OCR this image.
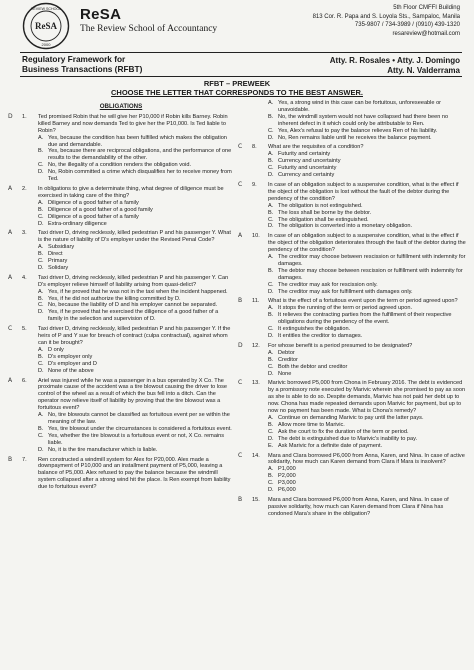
ReSA
2000
REVIEW SCHOOL ReSA
The Review School of Accountancy
5th Floor CMFFI Building
813 Cor. R. Papa and S. Loyola Sts., Sampaloc, Manila
735-9807 / 734-3989 / (0910) 439-1320
resareview@hotmail.com
Regulatory Framework for
Business Transactions (RFBT)
Atty. R. Rosales • Atty. J. Domingo
Atty. N. Valderrama
RFBT – PREWEEK
CHOOSE THE LETTER THAT CORRESPONDS TO THE BEST ANSWER.
OBLIGATIONS
D 1. Ted promised Robin that he will give her P10,000 if Robin kills Barney. Robin killed Barney and now demands Ted to give her the P10,000. Is Ted liable to Robin?
A. Yes, because the condition has been fulfilled which makes the obligation due and demandable.
B. Yes, because there are reciprocal obligations, and the performance of one results to the demandability of the other.
C. No, the illegality of a condition renders the obligation void.
D. No, Robin committed a crime which disqualifies her to receive money from Ted.
A 2. In obligations to give a determinate thing, what degree of diligence must be exercised in taking care of the thing?
A. Diligence of a good father of a family
B. Diligence of a good father of a good family
C. Diligence of a good father of a family
D. Extra-ordinary diligence
A 3. Taxi driver D, driving recklessly, killed pedestrian P and his passenger Y. What is the nature of liability of D's employer under the Revised Penal Code?
A. Subsidiary
B. Direct
C. Primary
D. Solidary
A 4. Taxi driver D, driving recklessly, killed pedestrian P and his passenger Y. Can D's employer relieve himself of liability arising from quasi-delict?
A. Yes, if he proved that he was not in the taxi when the incident happened.
B. Yes, if he did not authorize the killing committed by D.
C. No, because the liability of D and his employer cannot be separated.
D. Yes, if he proved that he exercised the diligence of a good father of a family in the selection and supervision of D.
C 5. Taxi driver D, driving recklessly, killed pedestrian P and his passenger Y. If the heirs of P and Y sue for breach of contract (culpa contractual), against whom can it be brought?
A. D only
B. D's employer only
C. D's employer and D
D. None of the above
A 6. Ariel was injured while he was a passenger in a bus operated by X Co. The proximate cause of the accident was a tire blowout causing the driver to lose control of the wheel as a result of which the bus fell into a ditch. Can the operator now relieve itself of liability by proving that the tire blowout was a fortuitous event?
A. No, tire blowouts cannot be classified as fortuitous event per se within the meaning of the law.
B. Yes, tire blowout under the circumstances is considered a fortuitous event.
C. Yes, whether the tire blowout is a fortuitous event or not, X Co. remains liable.
D. No, it is the tire manufacturer which is liable.
B 7. Ren constructed a windmill system for Alex for P20,000. Alex made a downpayment of P10,000 and an installment payment of P5,000, leaving a balance of P5,000. Alex refused to pay the balance because the windmill system collapsed after a strong wind hit the place. Is Ren exempt from liability due to fortuitous event?
A. Yes, a strong wind in this case can be fortuitous, unforeseeable or unavoidable.
B. No, the windmill system would not have collapsed had there been no inherent defect in it which could only be attributable to Ren.
C. Yes, Alex's refusal to pay the balance relieves Ren of his liability.
D. No, Ren remains liable until he receives the balance payment.
C 8. What are the requisites of a condition?
A. Futurity and certainty
B. Currency and uncertainty
C. Futurity and uncertainty
D. Currency and certainty
C 9. In case of an obligation subject to a suspensive condition, what is the effect if the object of the obligation is lost without the fault of the debtor during the pendency of the condition?
A. The obligation is not extinguished.
B. The loss shall be borne by the debtor.
C. The obligation shall be extinguished.
D. The obligation is converted into a monetary obligation.
A 10. In case of an obligation subject to a suspensive condition, what is the effect if the object of the obligation deteriorates through the fault of the debtor during the pendency of the condition?
A. The creditor may choose between rescission or fulfillment with indemnity for damages.
B. The debtor may choose between rescission or fulfillment with indemnity for damages.
C. The creditor may ask for rescission only.
D. The creditor may ask for fulfillment with damages only.
B 11. What is the effect of a fortuitous event upon the term or period agreed upon?
A. It stops the running of the term or period agreed upon.
B. It relieves the contracting parties from the fulfillment of their respective obligations during the pendency of the event.
C. It extinguishes the obligation.
D. It entitles the creditor to damages.
D 12. For whose benefit is a period presumed to be designated?
A. Debtor
B. Creditor
C. Both the debtor and creditor
D. None
C 13. Marivic borrowed P5,000 from Chona in February 2016. The debt is evidenced by a promissory note executed by Marivic wherein she promised to pay as soon as she is able to do so. Despite demands, Marivic has not paid her debt up to now. Chona has made repeated demands upon Marivic for payment, but up to now no payment has been made. What is Chona's remedy?
A. Continue on demanding Marivic to pay until the latter pays.
B. Allow more time to Marivic.
C. Ask the court to fix the duration of the term or period.
D. The debt is extinguished due to Marivic's inability to pay.
E. Ask Marivic for a definite date of payment.
C 14. Mara and Clara borrowed P6,000 from Anna, Karen, and Nina. In case of active solidarity, how much can Karen demand from Clara if Mara is insolvent?
A. P1,000
B. P2,000
C. P3,000
D. P6,000
B 15. Mara and Clara borrowed P6,000 from Anna, Karen, and Nina. In case of passive solidarity, how much can Karen demand from Clara if Nina has condoned Mara's share in the obligation?
